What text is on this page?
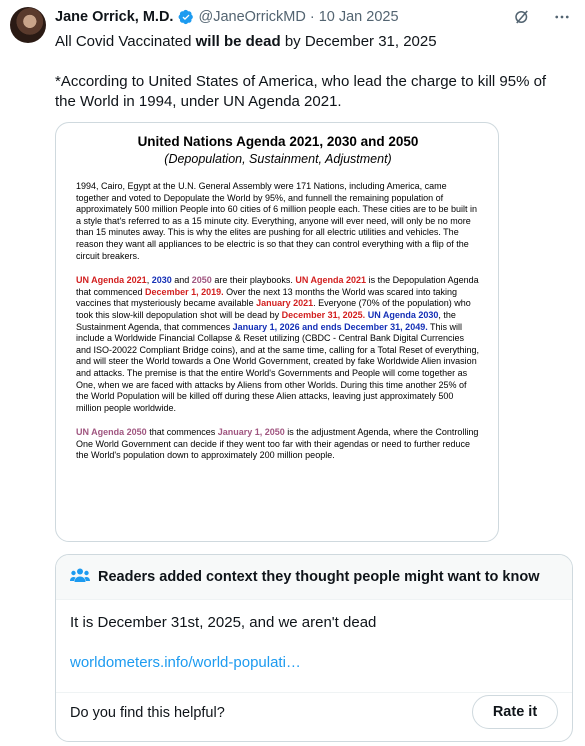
Jane Orrick, M.D. @JaneOrrickMD · 10 Jan 2025

All Covid Vaccinated will be dead by December 31, 2025

*According to United States of America, who lead the charge to kill 95% of the World in 1994, under UN Agenda 2021.

United Nations Agenda 2021, 2030 and 2050
(Depopulation, Sustainment, Adjustment)

1994, Cairo, Egypt at the U.N. General Assembly were 171 Nations, including America, came together and voted to Depopulate the World by 95%, and funnell the remaining population of approximately 500 million People into 60 cities of 6 million people each. These cities are to be built in a style that's referred to as a 15 minute city. Everything, anyone will ever need, will only be no more than 15 minutes away. This is why the elites are pushing for all electric utilities and vehicles. The reason they want all appliances to be electric is so that they can control everything with a flip of the circuit breakers.

UN Agenda 2021, 2030 and 2050 are their playbooks. UN Agenda 2021 is the Depopulation Agenda that commenced December 1, 2019. Over the next 13 months the World was scared into taking vaccines that mysteriously became available January 2021. Everyone (70% of the population) who took this slow-kill depopulation shot will be dead by December 31, 2025. UN Agenda 2030, the Sustainment Agenda, that commences January 1, 2026 and ends December 31, 2049. This will include a Worldwide Financial Collapse & Reset utilizing (CBDC - Central Bank Digital Currencies and ISO-20022 Compliant Bridge coins), and at the same time, calling for a Total Reset of everything, and will steer the World towards a One World Government, created by fake Worldwide Alien invasion and attacks. The premise is that the entire World's Governments and People will come together as One, when we are faced with attacks by Aliens from other Worlds. During this time another 25% of the World Population will be killed off during these Alien attacks, leaving just approximately 500 million people worldwide.

UN Agenda 2050 that commences January 1, 2050 is the adjustment Agenda, where the Controlling One World Government can decide if they went too far with their agendas or need to further reduce the World's population down to approximately 200 million people.

Readers added context they thought people might want to know
It is December 31st, 2025, and we aren't dead
worldometers.info/world-populati…
Do you find this helpful?	Rate it
